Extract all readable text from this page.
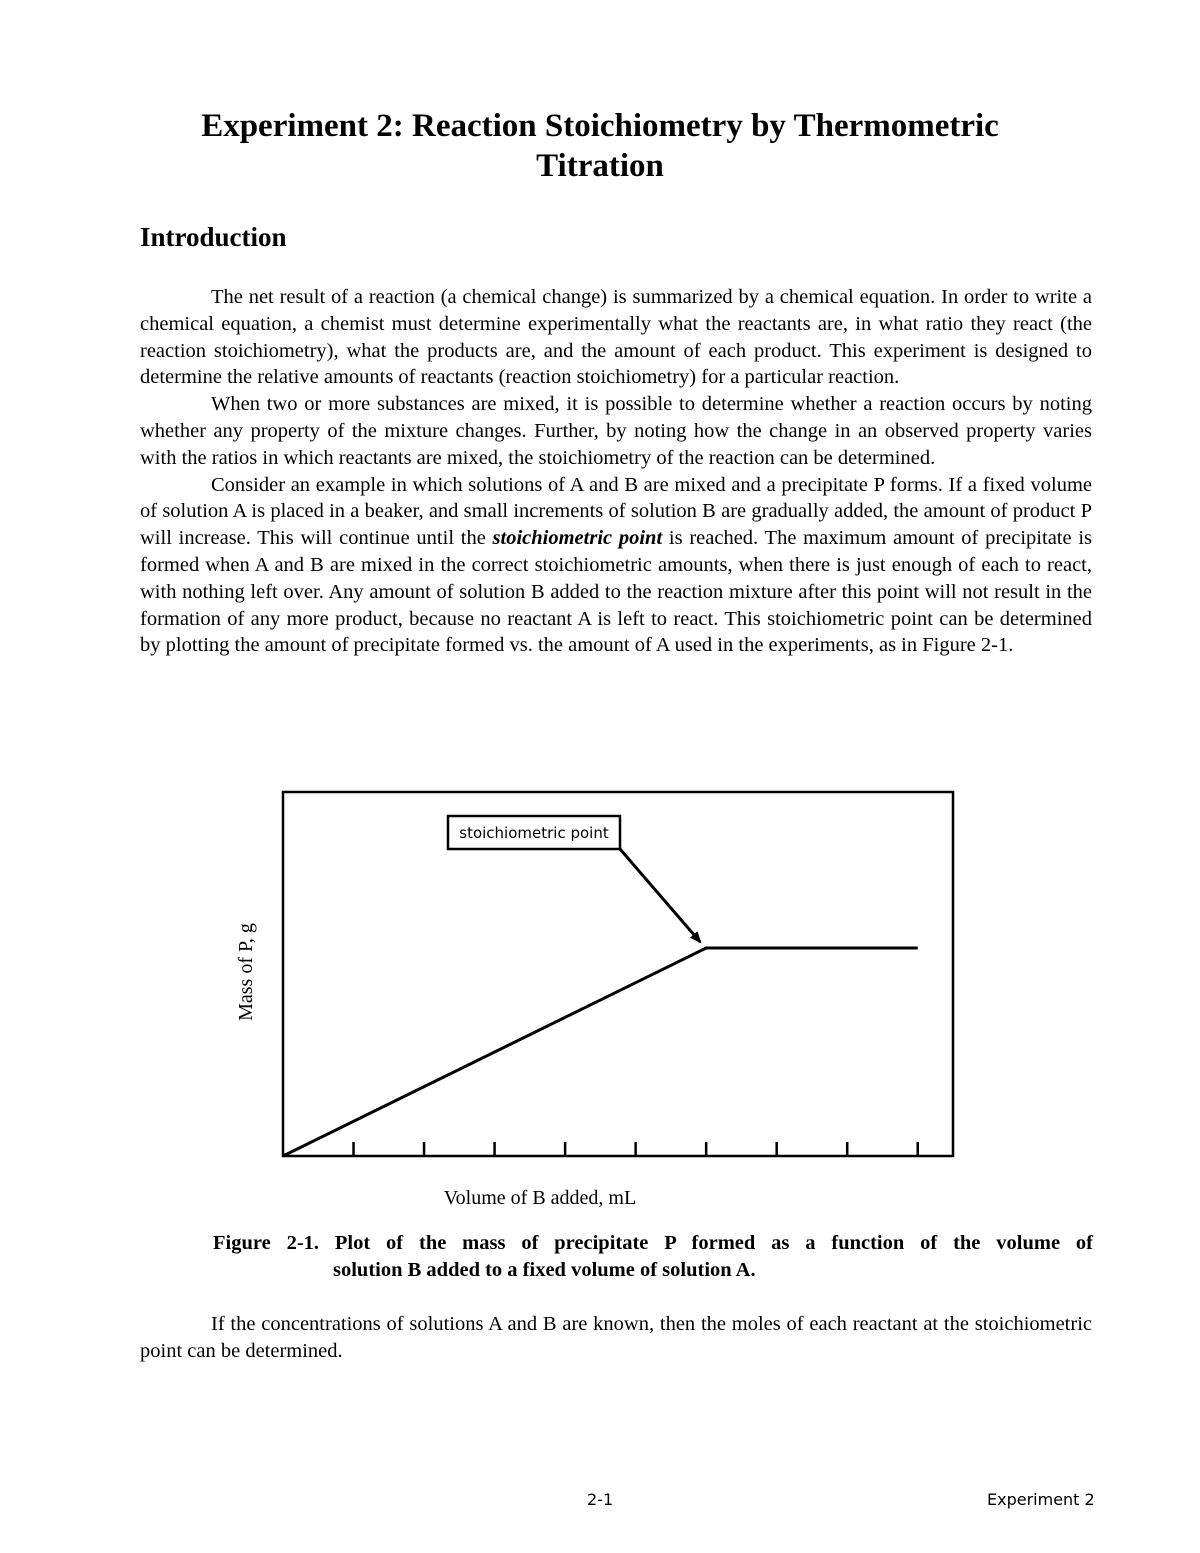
Experiment 2: Reaction Stoichiometry by Thermometric
Titration
Introduction

The net result of a reaction (a chemical change) is summarized by a chemical equation. In order to write a chemical equation, a chemist must determine experimentally what the reactants are, in what ratio they react (the reaction stoichiometry), what the products are, and the amount of each product. This experiment is designed to determine the relative amounts of reactants (reaction stoichiometry) for a particular reaction.

When two or more substances are mixed, it is possible to determine whether a reaction occurs by noting whether any property of the mixture changes. Further, by noting how the change in an observed property varies with the ratios in which reactants are mixed, the stoichiometry of the reaction can be determined.

Consider an example in which solutions of A and B are mixed and a precipitate P forms. If a fixed volume of solution A is placed in a beaker, and small increments of solution B are gradually added, the amount of product P will increase. This will continue until the stoichiometric point is reached. The maximum amount of precipitate is formed when A and B are mixed in the correct stoichiometric amounts, when there is just enough of each to react, with nothing left over. Any amount of solution B added to the reaction mixture after this point will not result in the formation of any more product, because no reactant A is left to react. This stoichiometric point can be determined by plotting the amount of precipitate formed vs. the amount of A used in the experiments, as in Figure 2-1.

stoichiometric point
Mass of P, g
Volume of B added, mL
Figure 2-1. Plot of the mass of precipitate P formed as a function of the volume of
solution B added to a fixed volume of solution A.

If the concentrations of solutions A and B are known, then the moles of each reactant at the stoichiometric point can be determined.

2-1	Experiment 2
